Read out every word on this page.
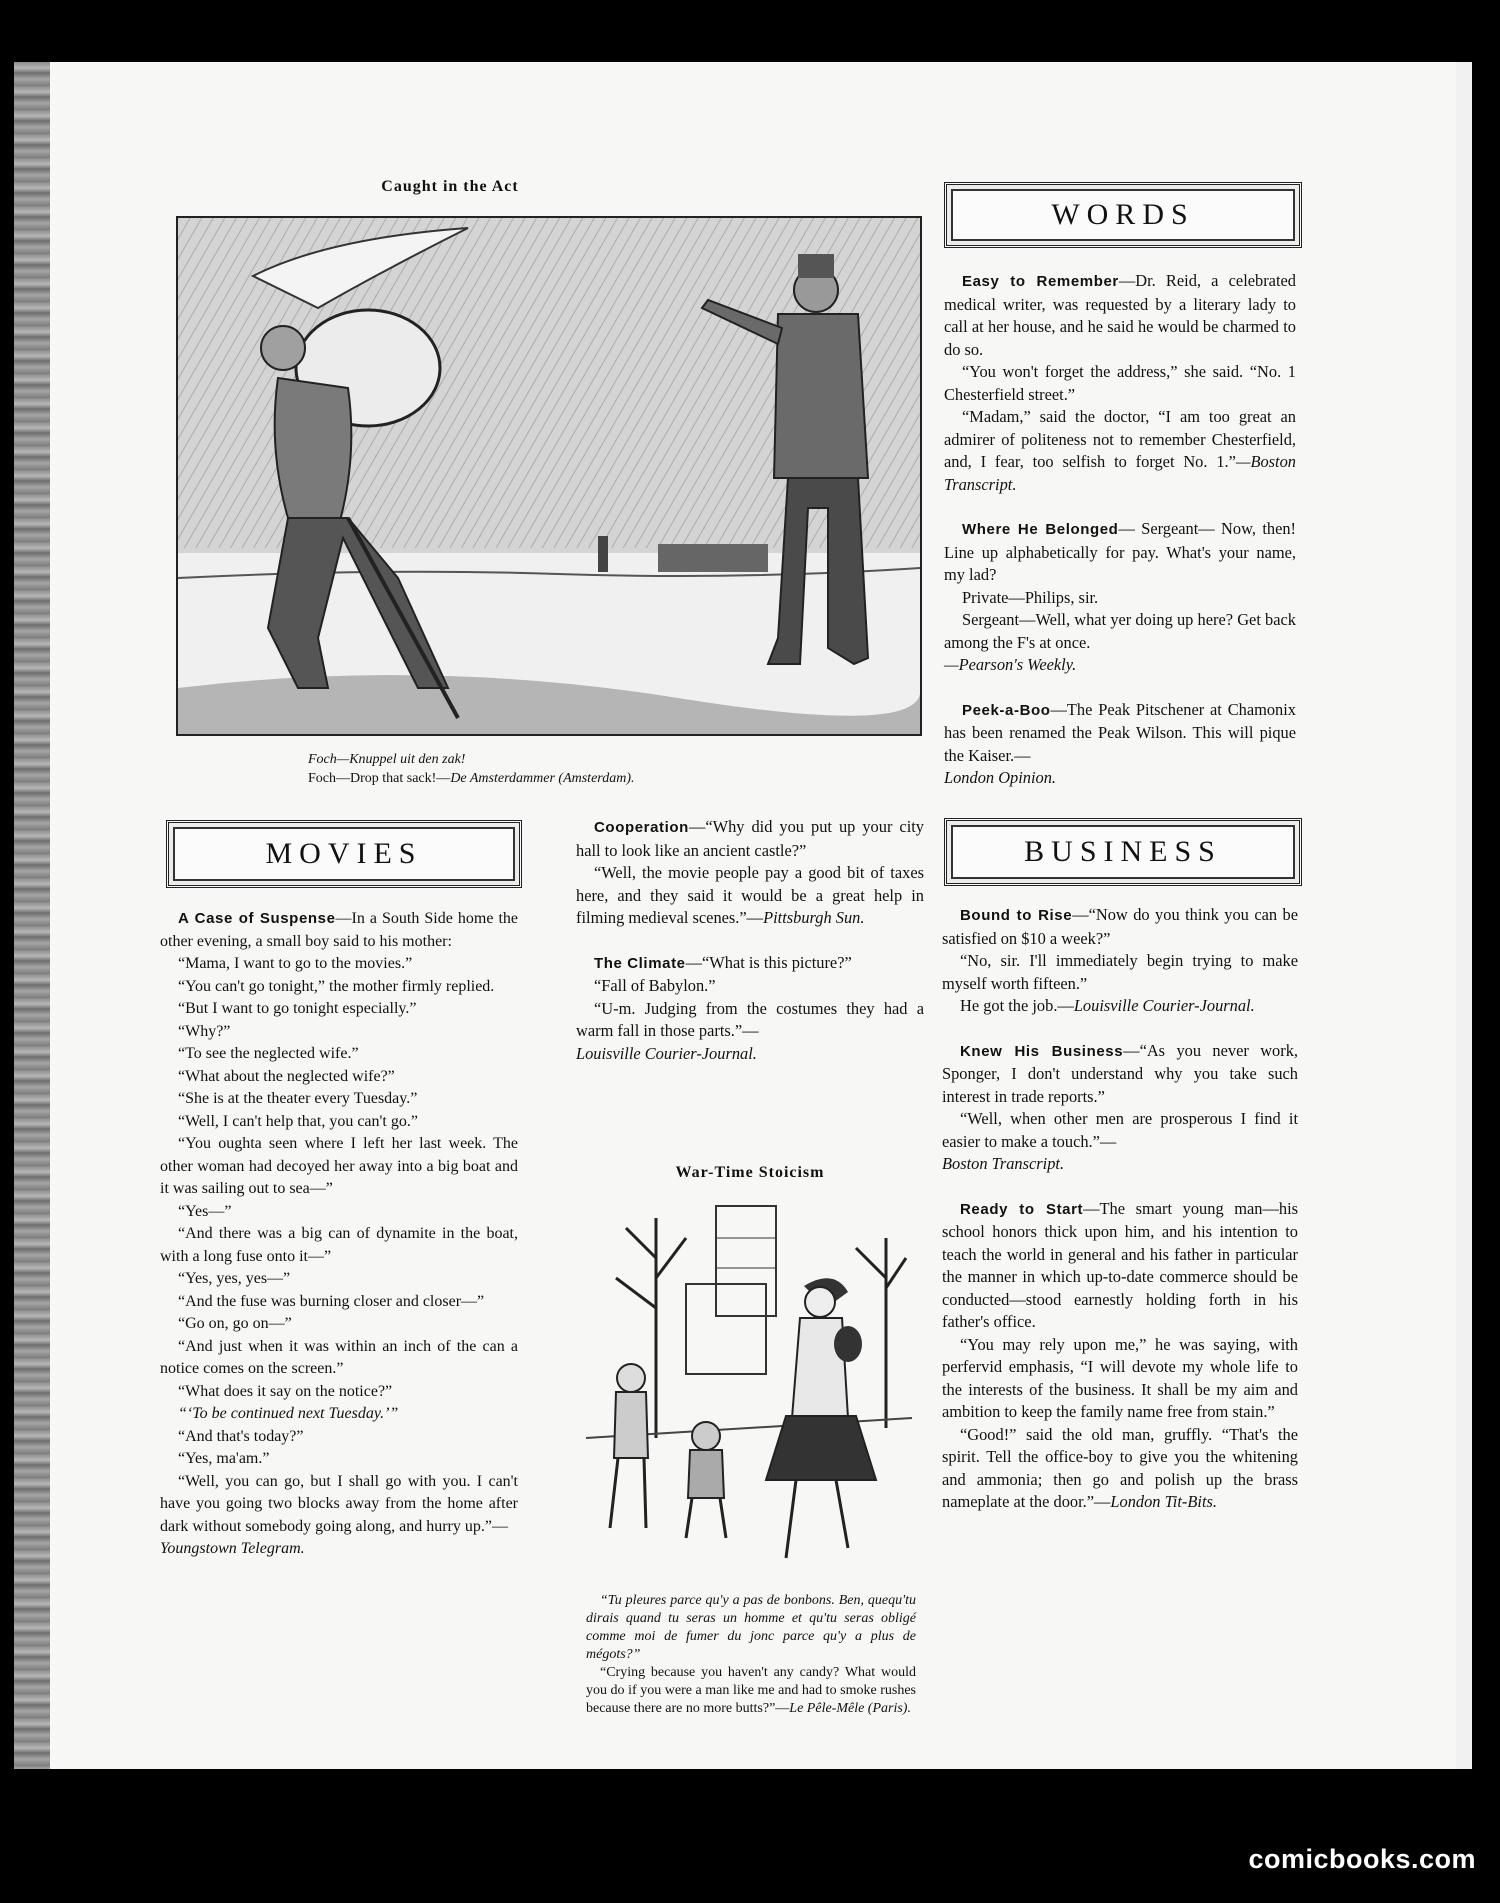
Caught in the Act
Foch—Knuppel uit den zak!
Foch—Drop that sack!—De Amsterdammer (Amsterdam).
WORDS

Easy to Remember—Dr. Reid, a celebrated medical writer, was requested by a literary lady to call at her house, and he said he would be charmed to do so.

“You won't forget the address,” she said. “No. 1 Chesterfield street.”

“Madam,” said the doctor, “I am too great an admirer of politeness not to remember Chesterfield, and, I fear, too selfish to forget No. 1.”—Boston Transcript.

Where He Belonged— Sergeant— Now, then! Line up alphabetically for pay. What's your name, my lad?

Private—Philips, sir.

Sergeant—Well, what yer doing up here? Get back among the F's at once.

—Pearson's Weekly.

Peek-a-Boo—The Peak Pitschener at Chamonix has been renamed the Peak Wilson. This will pique the Kaiser.—

London Opinion.

MOVIES

A Case of Suspense—In a South Side home the other evening, a small boy said to his mother:

“Mama, I want to go to the movies.”

“You can't go tonight,” the mother firmly replied.

“But I want to go tonight especially.”

“Why?”

“To see the neglected wife.”

“What about the neglected wife?”

“She is at the theater every Tuesday.”

“Well, I can't help that, you can't go.”

“You oughta seen where I left her last week. The other woman had decoyed her away into a big boat and it was sailing out to sea—”

“Yes—”

“And there was a big can of dynamite in the boat, with a long fuse onto it—”

“Yes, yes, yes—”

“And the fuse was burning closer and closer—”

“Go on, go on—”

“And just when it was within an inch of the can a notice comes on the screen.”

“What does it say on the notice?”

“‘To be continued next Tuesday.’”

“And that's today?”

“Yes, ma'am.”

“Well, you can go, but I shall go with you. I can't have you going two blocks away from the home after dark without somebody going along, and hurry up.”—

Youngstown Telegram.

Cooperation—“Why did you put up your city hall to look like an ancient castle?”

“Well, the movie people pay a good bit of taxes here, and they said it would be a great help in filming medieval scenes.”—Pittsburgh Sun.

The Climate—“What is this picture?”

“Fall of Babylon.”

“U-m. Judging from the costumes they had a warm fall in those parts.”—

Louisville Courier-Journal.

War-Time Stoicism
“Tu pleures parce qu'y a pas de bonbons. Ben, quequ'tu dirais quand tu seras un homme et qu'tu seras obligé comme moi de fumer du jonc parce qu'y a plus de mégots?”
“Crying because you haven't any candy? What would you do if you were a man like me and had to smoke rushes because there are no more butts?”—Le Pêle-Mêle (Paris).
BUSINESS

Bound to Rise—“Now do you think you can be satisfied on $10 a week?”

“No, sir. I'll immediately begin trying to make myself worth fifteen.”

He got the job.—Louisville Courier-Journal.

Knew His Business—“As you never work, Sponger, I don't understand why you take such interest in trade reports.”

“Well, when other men are prosperous I find it easier to make a touch.”—

Boston Transcript.

Ready to Start—The smart young man—his school honors thick upon him, and his intention to teach the world in general and his father in particular the manner in which up-to-date commerce should be conducted—stood earnestly holding forth in his father's office.

“You may rely upon me,” he was saying, with perfervid emphasis, “I will devote my whole life to the interests of the business. It shall be my aim and ambition to keep the family name free from stain.”

“Good!” said the old man, gruffly. “That's the spirit. Tell the office-boy to give you the whitening and ammonia; then go and polish up the brass nameplate at the door.”—London Tit-Bits.

comicbooks.com
